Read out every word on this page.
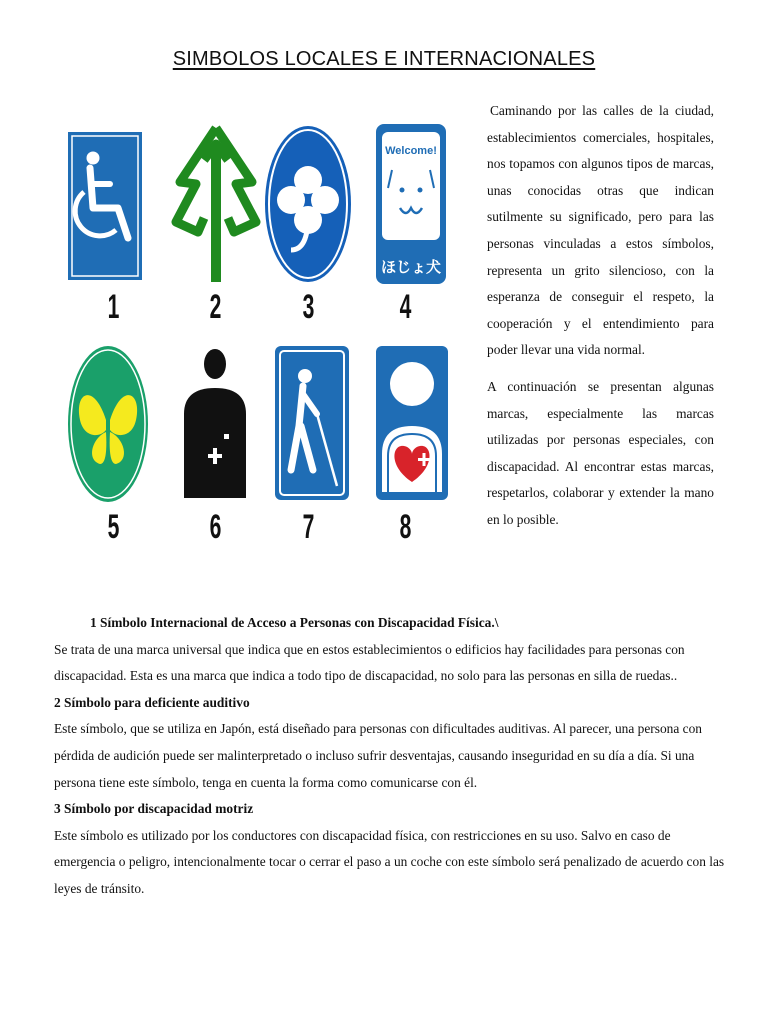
SIMBOLOS LOCALES E INTERNACIONALES
1	2	3
Welcome!
ほじょ犬
4
5	6	7	8

Caminando por las calles de la ciudad, establecimientos comerciales, hospitales, nos topamos con algunos tipos de marcas, unas conocidas otras que indican sutilmente su significado, pero para las personas vinculadas a estos símbolos, representa un grito silencioso, con la esperanza de conseguir el respeto, la cooperación y el entendimiento para poder llevar una vida normal.

A continuación se presentan algunas marcas, especialmente las marcas utilizadas por personas especiales, con discapacidad. Al encontrar estas marcas, respetarlos, colaborar y extender la mano en lo posible.

1 Símbolo Internacional de Acceso a Personas con Discapacidad Física.\

Se trata de una marca universal que indica que en estos establecimientos o edificios hay facilidades para personas con discapacidad. Esta es una marca que indica a todo tipo de discapacidad, no solo para las personas en silla de ruedas..

2 Símbolo para deficiente auditivo

Este símbolo, que se utiliza en Japón, está diseñado para personas con dificultades auditivas. Al parecer, una persona con pérdida de audición puede ser malinterpretado o incluso sufrir desventajas, causando inseguridad en su día a día. Si una persona tiene este símbolo, tenga en cuenta la forma como comunicarse con él.

3 Símbolo por discapacidad motriz

Este símbolo es utilizado por los conductores con discapacidad física, con restricciones en su uso. Salvo en caso de emergencia o peligro, intencionalmente tocar o cerrar el paso a un coche con este símbolo será penalizado de acuerdo con las leyes de tránsito.
